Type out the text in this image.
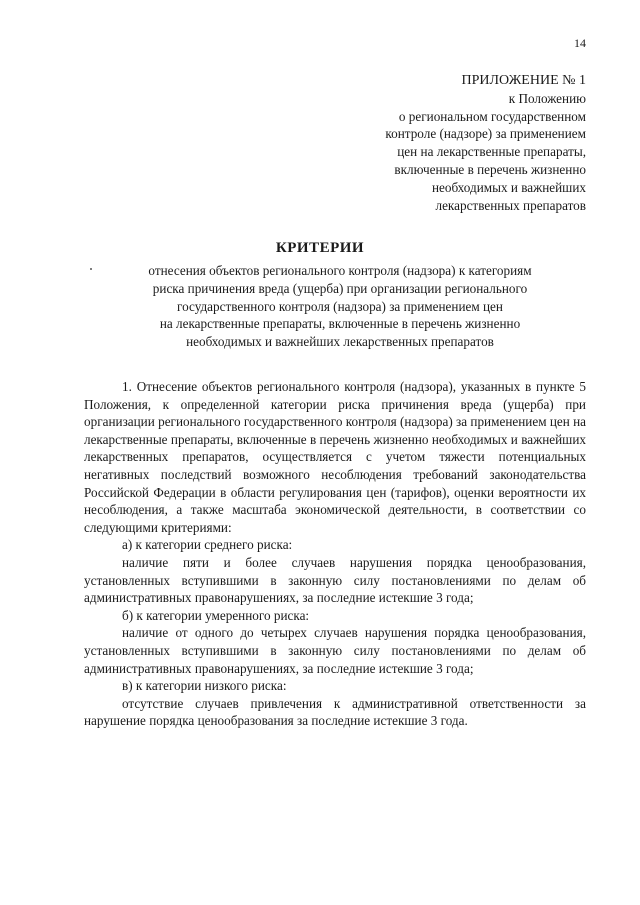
14
ПРИЛОЖЕНИЕ № 1
к Положению
о региональном государственном
контроле (надзоре) за применением
цен на лекарственные препараты,
включенные в перечень жизненно
необходимых и важнейших
лекарственных препаратов
КРИТЕРИИ
отнесения объектов регионального контроля (надзора) к категориям
риска причинения вреда (ущерба) при организации регионального
государственного контроля (надзора) за применением цен
на лекарственные препараты, включенные в перечень жизненно
необходимых и важнейших лекарственных препаратов

1. Отнесение объектов регионального контроля (надзора), указанных в пункте 5 Положения, к определенной категории риска причинения вреда (ущерба) при организации регионального государственного контроля (надзора) за применением цен на лекарственные препараты, включенные в перечень жизненно необходимых и важнейших лекарственных препаратов, осуществляется с учетом тяжести потенциальных негативных последствий возможного несоблюдения требований законодательства Российской Федерации в области регулирования цен (тарифов), оценки вероятности их несоблюдения, а также масштаба экономической деятельности, в соответствии со следующими критериями:

а) к категории среднего риска:

наличие пяти и более случаев нарушения порядка ценообразования, установленных вступившими в законную силу постановлениями по делам об административных правонарушениях, за последние истекшие 3 года;

б) к категории умеренного риска:

наличие от одного до четырех случаев нарушения порядка ценообразования, установленных вступившими в законную силу постановлениями по делам об административных правонарушениях, за последние истекшие 3 года;

в) к категории низкого риска:

отсутствие случаев привлечения к административной ответственности за нарушение порядка ценообразования за последние истекшие 3 года.
